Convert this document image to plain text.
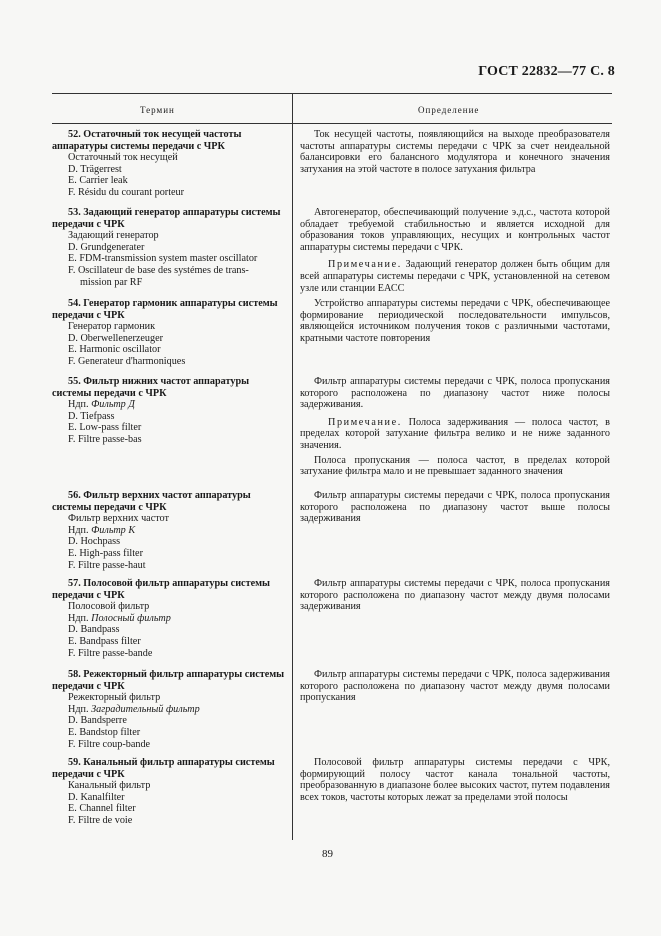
ГОСТ 22832—77 С. 8
Термин	Определение
52. Остаточный ток несущей частоты аппаратуры системы передачи с ЧРК
Остаточный ток несущей
D. Trägerrest
E. Carrier leak
F. Résidu du courant porteur
53. Задающий генератор аппаратуры системы передачи с ЧРК
Задающий генератор
D. Grundgenerater
E. FDM-transmission system master oscillator
F. Oscillateur de base des systémes de trans-
mission par RF
54. Генератор гармоник аппаратуры системы передачи с ЧРК
Генератор гармоник
D. Oberwellenerzeuger
E. Harmonic oscillator
F. Generateur d'harmoniques
55. Фильтр нижних частот аппаратуры системы передачи с ЧРК
Ндп. Фильтр Д
D. Tiefpass
E. Low-pass filter
F. Filtre passe-bas
56. Фильтр верхних частот аппаратуры системы передачи с ЧРК
Фильтр верхних частот
Ндп. Фильтр К
D. Hochpass
E. High-pass filter
F. Filtre passe-haut
57. Полосовой фильтр аппаратуры системы передачи с ЧРК
Полосовой фильтр
Ндп. Полосный фильтр
D. Bandpass
E. Bandpass filter
F. Filtre passe-bande
58. Режекторный фильтр аппаратуры системы передачи с ЧРК
Режекторный фильтр
Ндп. Заградительный фильтр
D. Bandsperre
E. Bandstop filter
F. Filtre coup-bande
59. Канальный фильтр аппаратуры системы передачи с ЧРК
Канальный фильтр
D. Kanalfilter
E. Channel filter
F. Filtre de voie

Ток несущей частоты, появляющийся на выходе преобразователя частоты аппаратуры системы передачи с ЧРК за счет неидеальной балансировки его балансного модулятора и конечного значения затухания на этой частоте в полосе затухания фильтра

Автогенератор, обеспечивающий получение э.д.с., частота которой обладает требуемой стабильностью и является исходной для образования токов управляющих, несущих и контрольных частот аппаратуры системы передачи с ЧРК.

Примечание. Задающий генератор должен быть общим для всей аппаратуры системы передачи с ЧРК, установленной на сетевом узле или станции ЕАСС

Устройство аппаратуры системы передачи с ЧРК, обеспечивающее формирование периодической последовательности импульсов, являющейся источником получения токов с различными частотами, кратными частоте повторения

Фильтр аппаратуры системы передачи с ЧРК, полоса пропускания которого расположена по диапазону частот ниже полосы задерживания.

Примечание. Полоса задерживания — полоса частот, в пределах которой затухание фильтра велико и не ниже заданного значения.

Полоса пропускания — полоса частот, в пределах которой затухание фильтра мало и не превышает заданного значения

Фильтр аппаратуры системы передачи с ЧРК, полоса пропускания которого расположена по диапазону частот выше полосы задерживания

Фильтр аппаратуры системы передачи с ЧРК, полоса пропускания которого расположена по диапазону частот между двумя полосами задерживания

Фильтр аппаратуры системы передачи с ЧРК, полоса задерживания которого расположена по диапазону частот между двумя полосами пропускания

Полосовой фильтр аппаратуры системы передачи с ЧРК, формирующий полосу частот канала тональной частоты, преобразованную в диапазоне более высоких частот, путем подавления всех токов, частоты которых лежат за пределами этой полосы

89
